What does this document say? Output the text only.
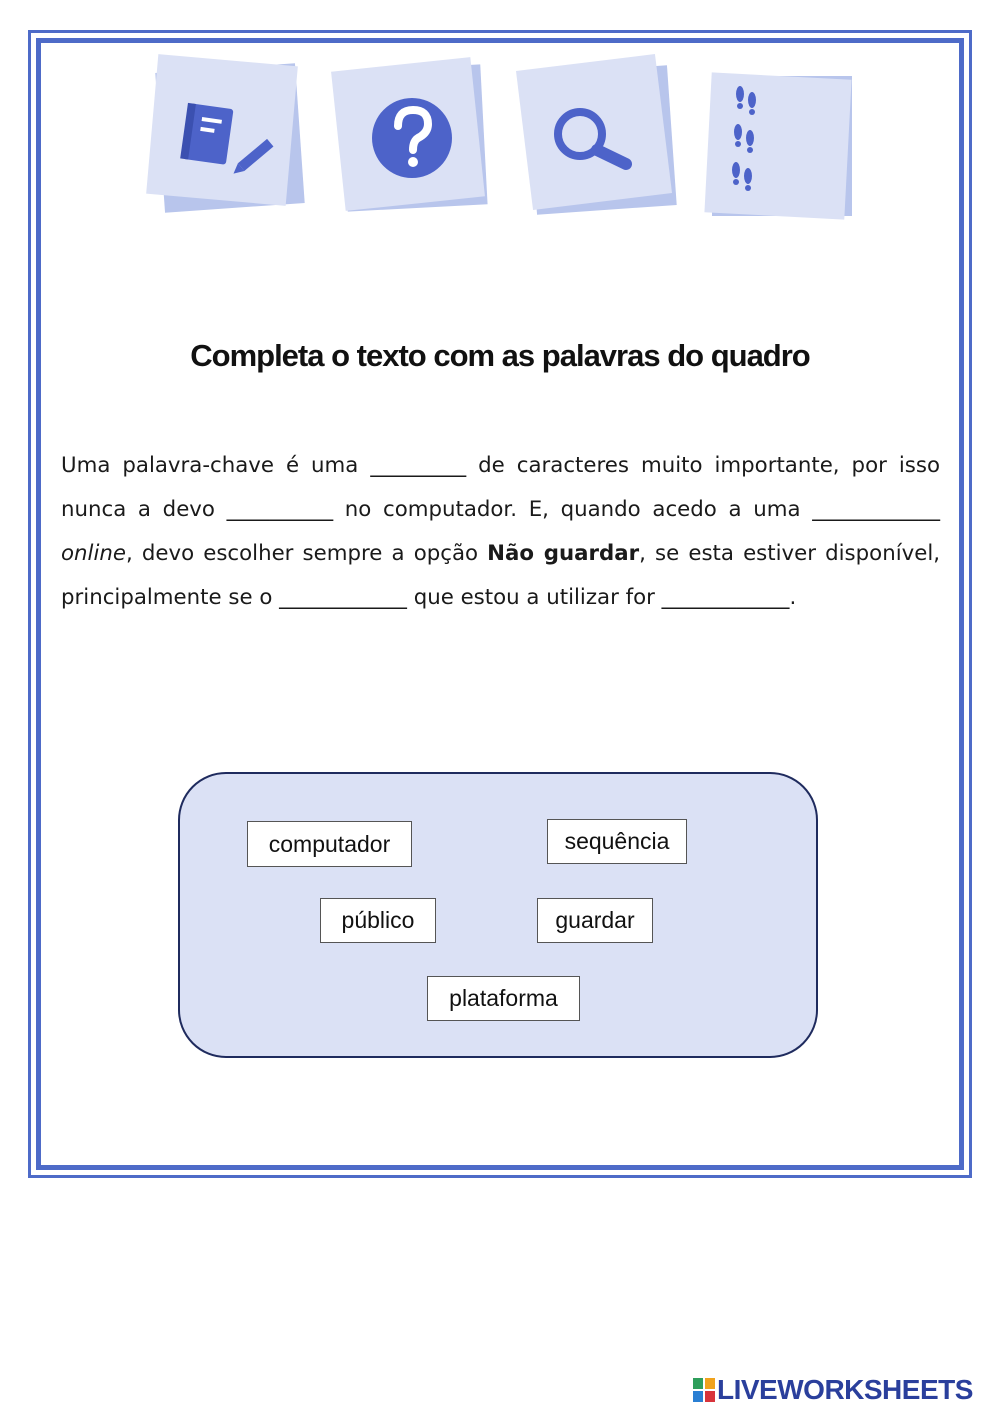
Completa o texto com as palavras do quadro
Uma palavra-chave é uma _________ de caracteres muito importante, por isso nunca a devo __________ no computador. E, quando acedo a uma ____________ online, devo escolher sempre a opção Não guardar, se esta estiver disponível, principalmente se o ____________ que estou a utilizar for ____________.
computador	sequência
público	guardar
plataforma
LIVEWORKSHEETS
